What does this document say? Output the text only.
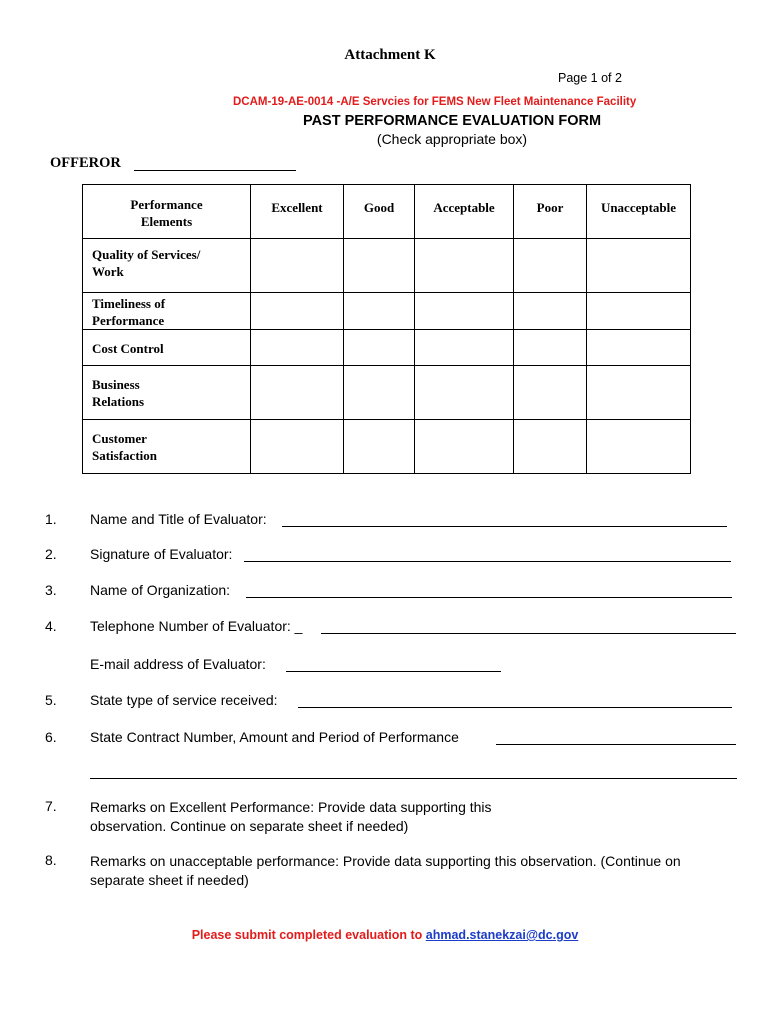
Attachment K
Page 1 of 2
DCAM-19-AE-0014 -A/E Servcies for FEMS New Fleet Maintenance Facility
PAST PERFORMANCE EVALUATION FORM
(Check appropriate box)
OFFEROR
Performance
Elements	Excellent	Good	Acceptable	Poor	Unacceptable

Quality of Services/
Work					

Timeliness of
Performance					

Cost Control					

Business
Relations					

Customer
Satisfaction					

1. Name and Title of Evaluator:
2. Signature of Evaluator:
3. Name of Organization:
4. Telephone Number of Evaluator: _
E-mail address of Evaluator:
5. State type of service received:
6. State Contract Number, Amount and Period of Performance
7. Remarks on Excellent Performance: Provide data supporting this
observation. Continue on separate sheet if needed)
8. Remarks on unacceptable performance: Provide data supporting this observation. (Continue on
separate sheet if needed)
Please submit completed evaluation to ahmad.stanekzai@dc.gov
